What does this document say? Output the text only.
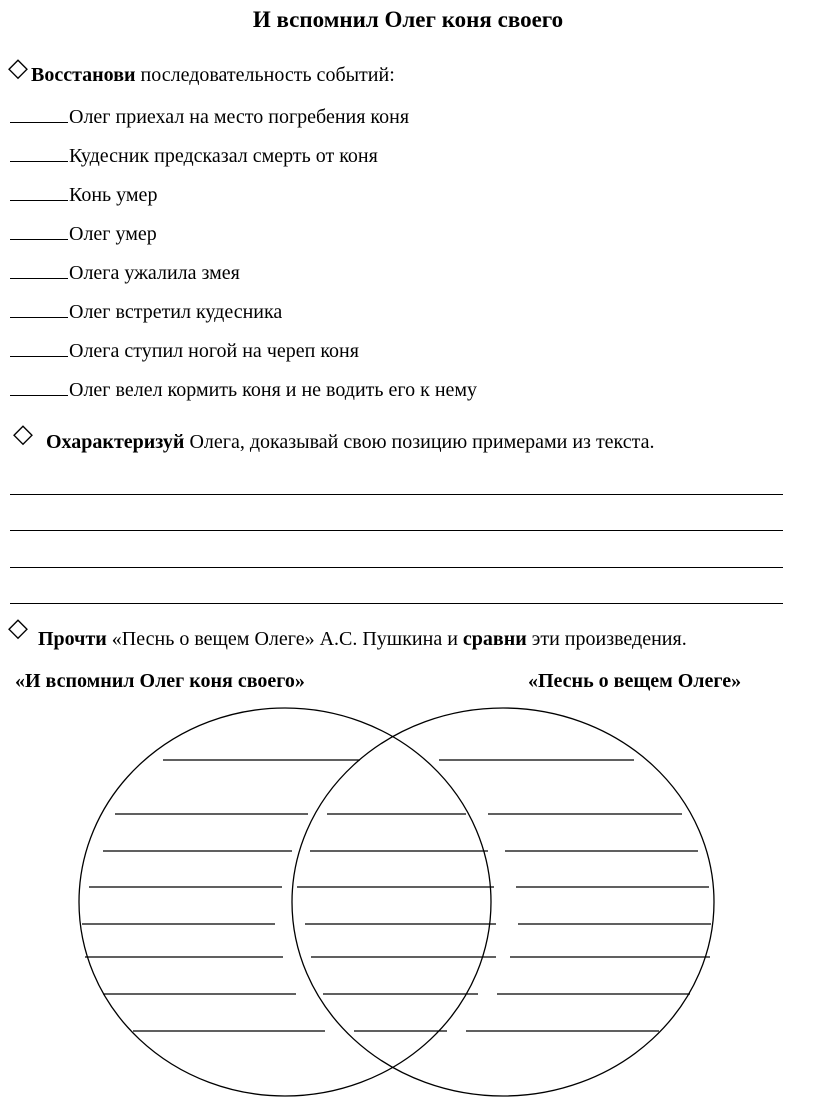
И вспомнил Олег коня своего
◇ Восстанови последовательность событий:
Олег приехал на место погребения коня
Кудесник предсказал смерть от коня
Конь умер
Олег умер
Олега ужалила змея
Олег встретил кудесника
Олега ступил ногой на череп коня
Олег велел кормить коня и не водить его к нему
◇ Охарактеризуй Олега, доказывай свою позицию примерами из текста.
◇ Прочти «Песнь о вещем Олеге» А.С. Пушкина и сравни эти произведения.
«И вспомнил Олег коня своего»	«Песнь о вещем Олеге»
